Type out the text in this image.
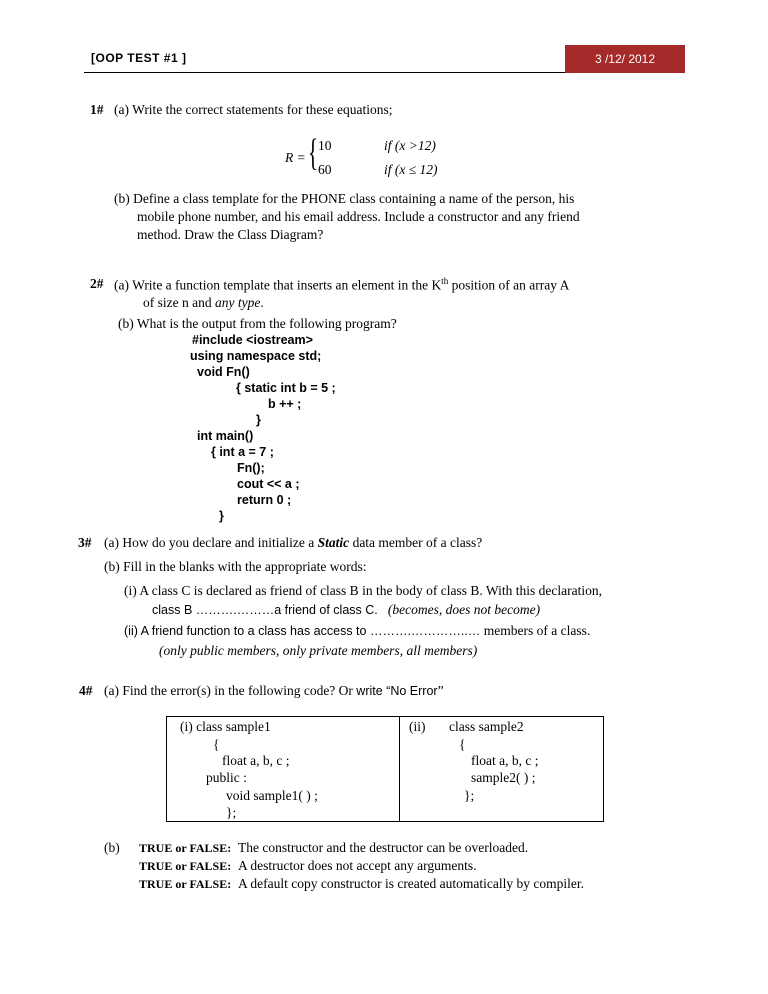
[OOP TEST #1 ]	3 /12/ 2012
1# (a) Write the correct statements for these equations;
R = { 10	if (x >12)
60	if (x ≤ 12)
(b) Define a class template for the PHONE class containing a name of the person, his
mobile phone number, and his email address. Include a constructor and any friend
method. Draw the Class Diagram?
2# (a) Write a function template that inserts an element in the $K^{th}$ position of an array A
of size n and any type.
(b) What is the output from the following program?
#include <iostream>
using namespace std;
void Fn()
{ static int b = 5 ;
b ++ ;
}
int main()
{ int a = 7 ;
Fn();
cout << a ;
return 0 ;
}
3# (a) How do you declare and initialize a Static data member of a class?
(b) Fill in the blanks with the appropriate words:
(i) A class C is declared as friend of class B in the body of class B. With this declaration,
class B ……….………a friend of class C. (becomes, does not become)
(ii) A friend function to a class has access to ……….…………..… members of a class.
(only public members, only private members, all members)
4# (a) Find the error(s) in the following code? Or write “No Error”
(i) class sample1
{
float a, b, c ;
public :
void sample1( ) ;
};
(ii) class sample2
{
float a, b, c ;
sample2( ) ;
};
(b) TRUE or FALSE: The constructor and the destructor can be overloaded.
TRUE or FALSE: A destructor does not accept any arguments.
TRUE or FALSE: A default copy constructor is created automatically by compiler.
